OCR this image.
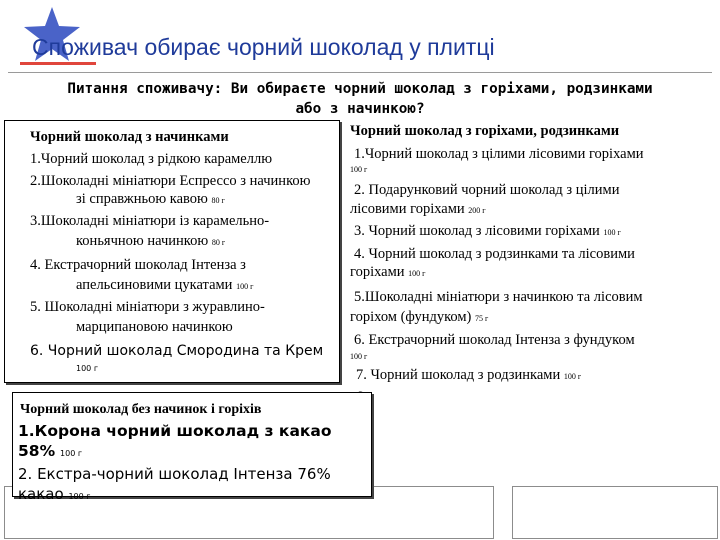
Споживач обирає чорний шоколад у плитці
Питання споживачу: Ви обираєте чорний шоколад з горіхами, родзинками
або з начинкою?
Чорний шоколад з начинками
1.Чорний шоколад з рідкою карамеллю
2.Шоколадні мініатюри Еспрессо з начинкою
зі справжньою кавою 80 г
3.Шоколадні мініатюри із карамельно-
коньячною начинкою 80 г
4. Екстрачорний шоколад Інтенза з
апельсиновими цукатами 100 г
5. Шоколадні мініатюри з журавлино-
марципановою начинкою
6. Чорний шоколад Смородина та Крем
100 г
Чорний шоколад з горіхами, родзинками
1.Чорний шоколад з цілими лісовими горіхами
100 г
2. Подарунковий чорний шоколад з цілими
лісовими горіхами 200 г
3. Чорний шоколад з лісовими горіхами 100 г
4. Чорний шоколад з родзинками та лісовими
горіхами 100 г
5.Шоколадні мініатюри з начинкою та лісовим
горіхом (фундуком) 75 г
6. Екстрачорний шоколад Інтенза з фундуком
100 г
7. Чорний шоколад з родзинками 100 г
Чорний шоколад без начинок і горіхів
1.Корона чорний шоколад з какао
58% 100 г
2. Екстра-чорний шоколад Інтенза 76%
какао 100 г
